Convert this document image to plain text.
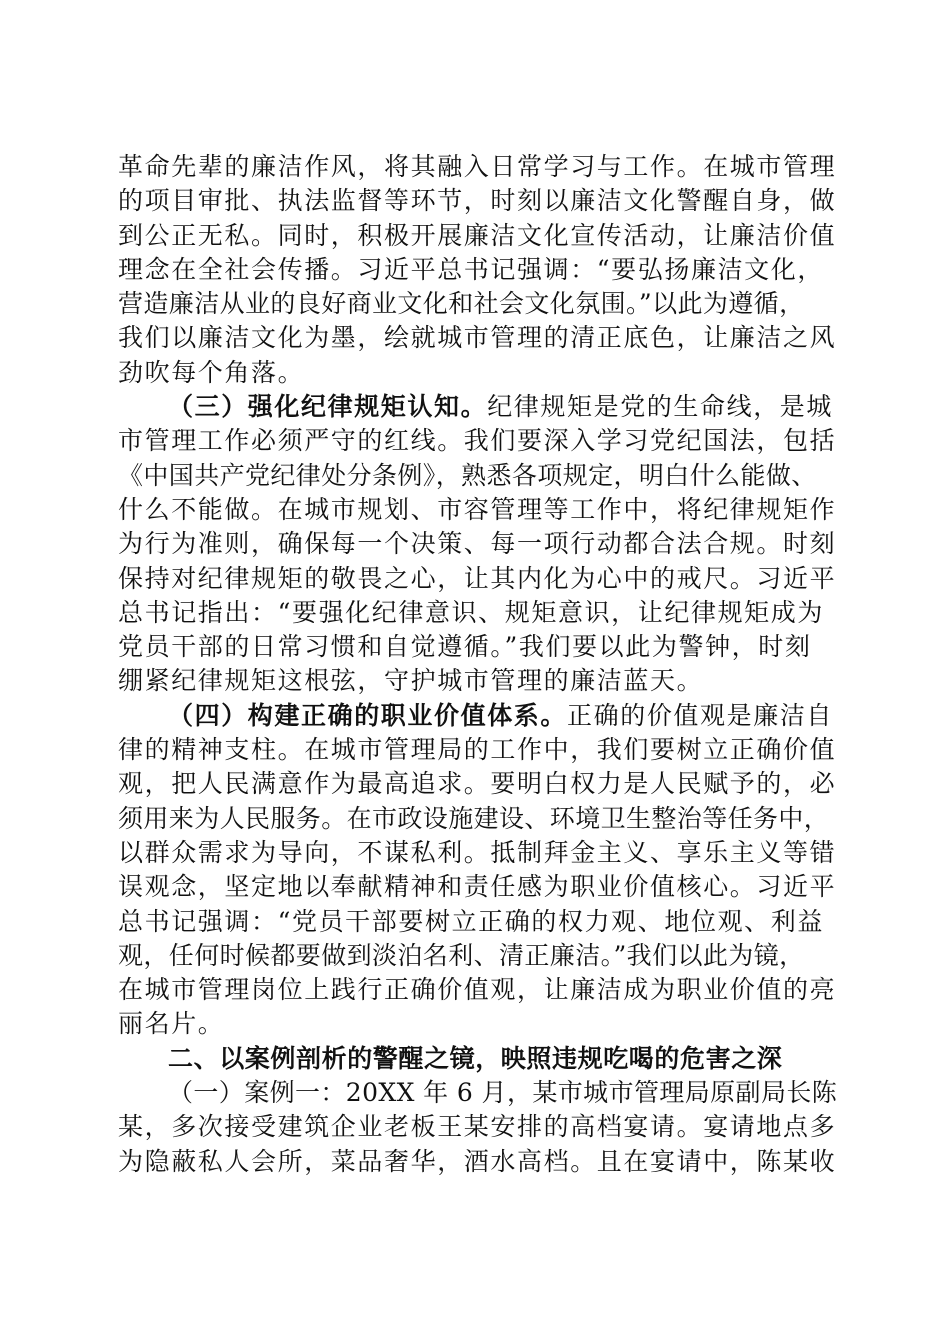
革命先辈的廉洁作风，将其融入日常学习与工作。在城市管理
的项目审批、执法监督等环节，时刻以廉洁文化警醒自身，做
到公正无私。同时，积极开展廉洁文化宣传活动，让廉洁价值
理念在全社会传播。习近平总书记强调：“要弘扬廉洁文化，
营造廉洁从业的良好商业文化和社会文化氛围。”以此为遵循，
我们以廉洁文化为墨，绘就城市管理的清正底色，让廉洁之风
劲吹每个角落。
（三）强化纪律规矩认知。纪律规矩是党的生命线，是城
市管理工作必须严守的红线。我们要深入学习党纪国法，包括
《中国共产党纪律处分条例》，熟悉各项规定，明白什么能做、
什么不能做。在城市规划、市容管理等工作中，将纪律规矩作
为行为准则，确保每一个决策、每一项行动都合法合规。时刻
保持对纪律规矩的敬畏之心，让其内化为心中的戒尺。习近平
总书记指出：“要强化纪律意识、规矩意识，让纪律规矩成为
党员干部的日常习惯和自觉遵循。”我们要以此为警钟，时刻
绷紧纪律规矩这根弦，守护城市管理的廉洁蓝天。
（四）构建正确的职业价值体系。正确的价值观是廉洁自
律的精神支柱。在城市管理局的工作中，我们要树立正确价值
观，把人民满意作为最高追求。要明白权力是人民赋予的，必
须用来为人民服务。在市政设施建设、环境卫生整治等任务中，
以群众需求为导向，不谋私利。抵制拜金主义、享乐主义等错
误观念，坚定地以奉献精神和责任感为职业价值核心。习近平
总书记强调：“党员干部要树立正确的权力观、地位观、利益
观，任何时候都要做到淡泊名利、清正廉洁。”我们以此为镜，
在城市管理岗位上践行正确价值观，让廉洁成为职业价值的亮
丽名片。
二、以案例剖析的警醒之镜，映照违规吃喝的危害之深
（一）案例一：20XX 年 6 月，某市城市管理局原副局长陈
某，多次接受建筑企业老板王某安排的高档宴请。宴请地点多
为隐蔽私人会所，菜品奢华，酒水高档。且在宴请中，陈某收
